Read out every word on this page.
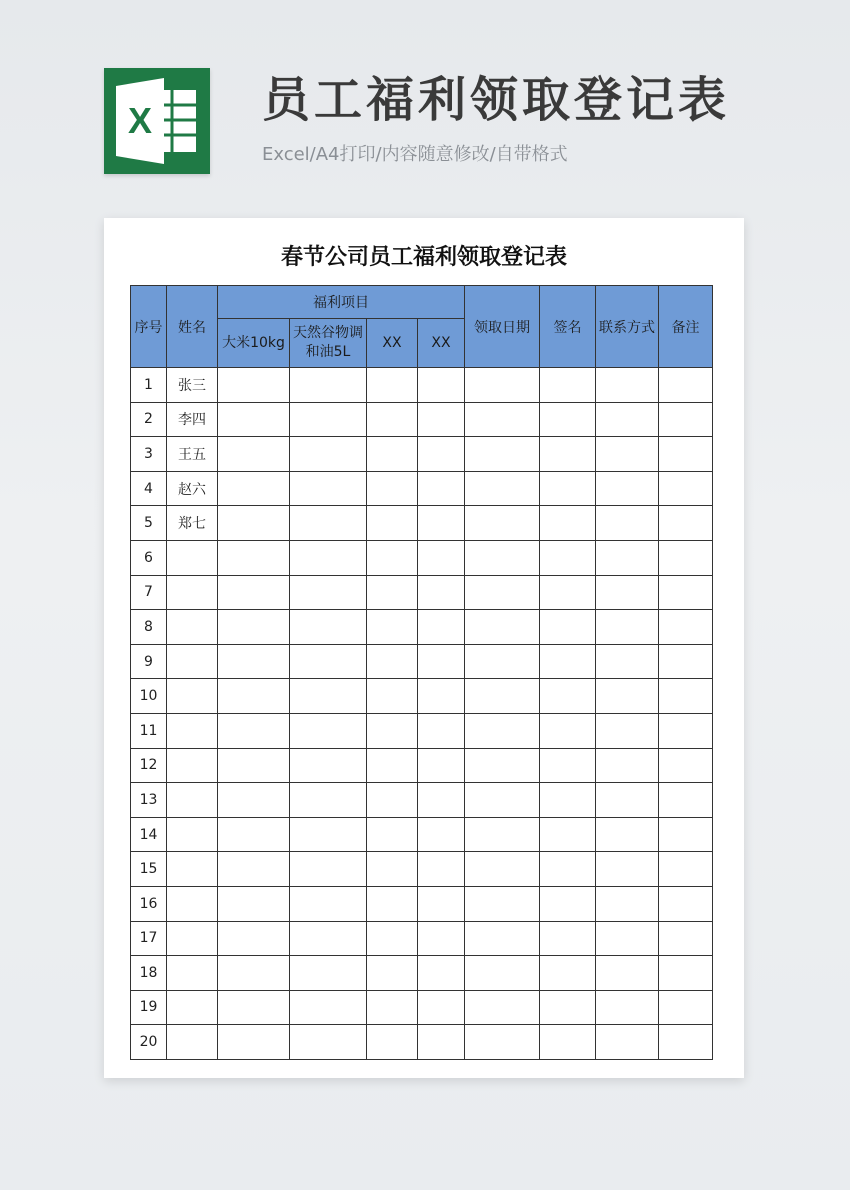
X 员工福利领取登记表
Excel/A4打印/内容随意修改/自带格式
春节公司员工福利领取登记表
序号	姓名	福利项目				领取日期	签名	联系方式	备注
		大米10kg	天然谷物调和油5L	XX	XX				
1	张三								
2	李四								
3	王五								
4	赵六								
5	郑七								
6									
7									
8									
9									
10									
11									
12									
13									
14									
15									
16									
17									
18									
19									
20									
